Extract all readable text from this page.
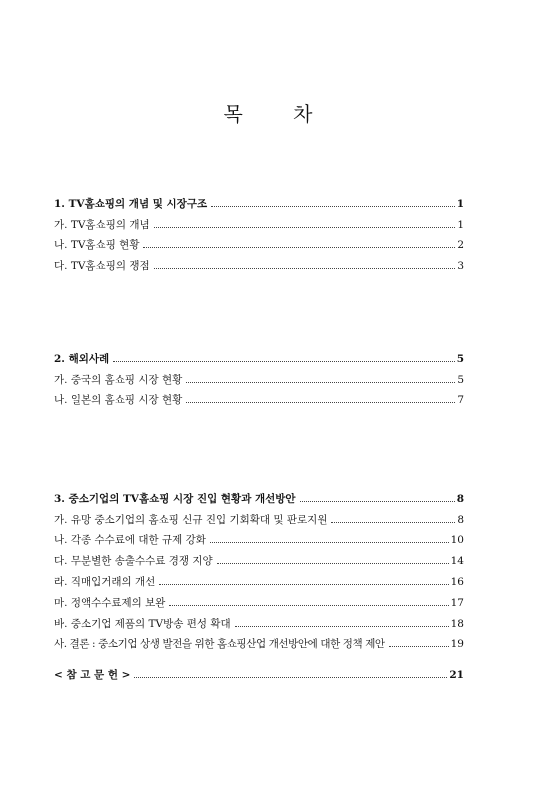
목 차
1. TV홈쇼핑의 개념 및 시장구조	1
가. TV홈쇼핑의 개념	1
나. TV홈쇼핑 현황	2
다. TV홈쇼핑의 쟁점	3
2. 해외사례	5
가. 중국의 홈쇼핑 시장 현황	5
나. 일본의 홈쇼핑 시장 현황	7
3. 중소기업의 TV홈쇼핑 시장 진입 현황과 개선방안	8
가. 유망 중소기업의 홈쇼핑 신규 진입 기회확대 및 판로지원	8
나. 각종 수수료에 대한 규제 강화	10
다. 무분별한 송출수수료 경쟁 지양	14
라. 직매입거래의 개선	16
마. 정액수수료제의 보완	17
바. 중소기업 제품의 TV방송 편성 확대	18
사. 결론 : 중소기업 상생 발전을 위한 홈쇼핑산업 개선방안에 대한 정책 제안	19
< 참 고 문 헌 >	21
